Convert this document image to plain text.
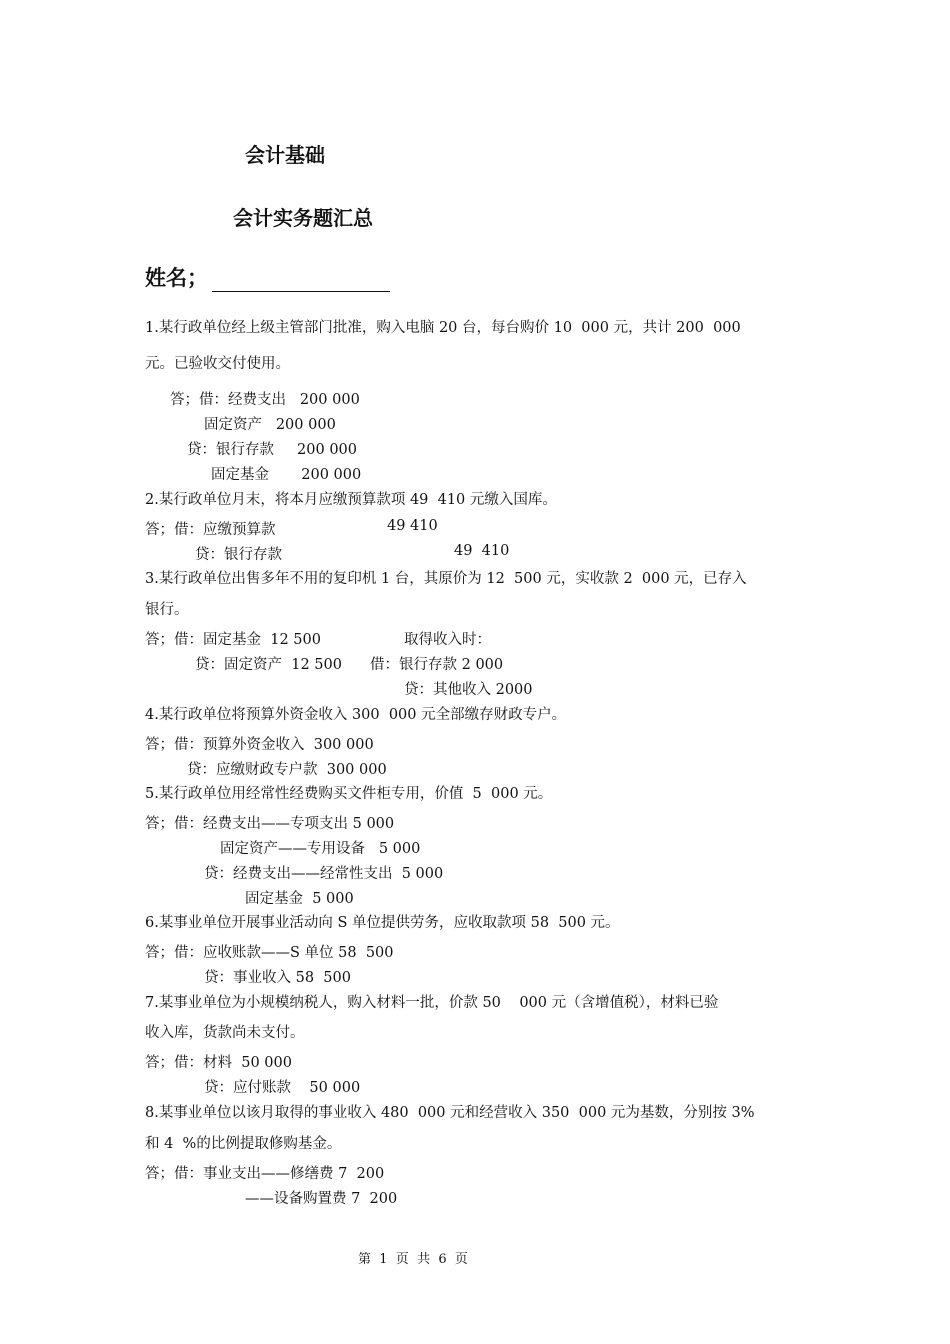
会计基础
会计实务题汇总
姓名；
1.某行政单位经上级主管部门批准，购入电脑 20 台，每台购价 10  000 元，共计 200  000
元。已验收交付使用。
答；借：经费支出   200 000
固定资产   200 000
贷：银行存款     200 000
固定基金       200 000
2.某行政单位月末，将本月应缴预算款项 49  410 元缴入国库。
答；借：应缴预算款	49 410
贷：银行存款	49  410
3.某行政单位出售多年不用的复印机 1 台，其原价为 12  500 元，实收款 2  000 元，已存入
银行。
答；借：固定基金  12 500	取得收入时：
贷：固定资产  12 500 借：银行存款 2 000
贷：其他收入 2000
4.某行政单位将预算外资金收入 300  000 元全部缴存财政专户。
答；借：预算外资金收入  300 000
贷：应缴财政专户款  300 000
5.某行政单位用经常性经费购买文件柜专用，价值  5  000 元。
答；借：经费支出——专项支出 5 000
固定资产——专用设备   5 000
贷：经费支出——经常性支出  5 000
固定基金  5 000
6.某事业单位开展事业活动向 S 单位提供劳务，应收取款项 58  500 元。
答；借：应收账款——S 单位 58  500
贷：事业收入 58  500
7.某事业单位为小规模纳税人，购入材料一批，价款 50    000 元（含增值税），材料已验
收入库，货款尚未支付。
答；借：材料  50 000
贷：应付账款    50 000
8.某事业单位以该月取得的事业收入 480  000 元和经营收入 350  000 元为基数，分别按 3%
和 4  %的比例提取修购基金。
答；借：事业支出——修缮费 7  200
——设备购置费 7  200
第  1  页  共  6  页
